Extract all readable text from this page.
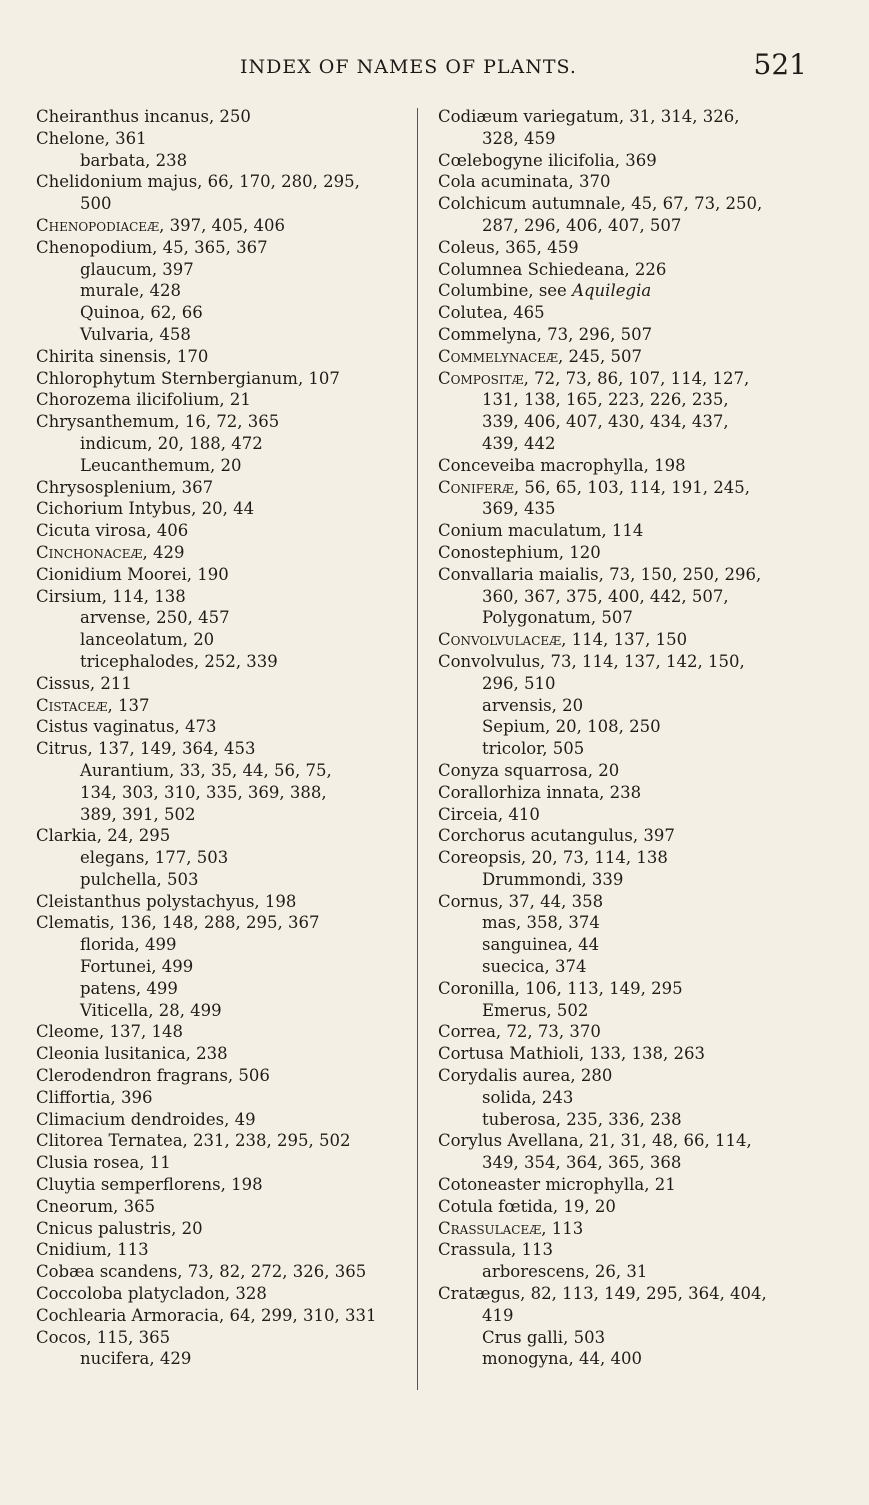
INDEX OF NAMES OF PLANTS.	521
Cheiranthus incanus, 250
Chelone, 361
barbata, 238
Chelidonium majus, 66, 170, 280, 295,
500
Chenopodiaceæ, 397, 405, 406
Chenopodium, 45, 365, 367
glaucum, 397
murale, 428
Quinoa, 62, 66
Vulvaria, 458
Chirita sinensis, 170
Chlorophytum Sternbergianum, 107
Chorozema ilicifolium, 21
Chrysanthemum, 16, 72, 365
indicum, 20, 188, 472
Leucanthemum, 20
Chrysosplenium, 367
Cichorium Intybus, 20, 44
Cicuta virosa, 406
Cinchonaceæ, 429
Cionidium Moorei, 190
Cirsium, 114, 138
arvense, 250, 457
lanceolatum, 20
tricephalodes, 252, 339
Cissus, 211
Cistaceæ, 137
Cistus vaginatus, 473
Citrus, 137, 149, 364, 453
Aurantium, 33, 35, 44, 56, 75,
134, 303, 310, 335, 369, 388,
389, 391, 502
Clarkia, 24, 295
elegans, 177, 503
pulchella, 503
Cleistanthus polystachyus, 198
Clematis, 136, 148, 288, 295, 367
florida, 499
Fortunei, 499
patens, 499
Viticella, 28, 499
Cleome, 137, 148
Cleonia lusitanica, 238
Clerodendron fragrans, 506
Cliffortia, 396
Climacium dendroides, 49
Clitorea Ternatea, 231, 238, 295, 502
Clusia rosea, 11
Cluytia semperflorens, 198
Cneorum, 365
Cnicus palustris, 20
Cnidium, 113
Cobæa scandens, 73, 82, 272, 326, 365
Coccoloba platycladon, 328
Cochlearia Armoracia, 64, 299, 310, 331
Cocos, 115, 365
nucifera, 429
Codiæum variegatum, 31, 314, 326,
328, 459
Cœlebogyne ilicifolia, 369
Cola acuminata, 370
Colchicum autumnale, 45, 67, 73, 250,
287, 296, 406, 407, 507
Coleus, 365, 459
Columnea Schiedeana, 226
Columbine, see Aquilegia
Colutea, 465
Commelyna, 73, 296, 507
Commelynaceæ, 245, 507
Compositæ, 72, 73, 86, 107, 114, 127,
131, 138, 165, 223, 226, 235,
339, 406, 407, 430, 434, 437,
439, 442
Conceveiba macrophylla, 198
Coniferæ, 56, 65, 103, 114, 191, 245,
369, 435
Conium maculatum, 114
Conostephium, 120
Convallaria maialis, 73, 150, 250, 296,
360, 367, 375, 400, 442, 507,
Polygonatum, 507
Convolvulaceæ, 114, 137, 150
Convolvulus, 73, 114, 137, 142, 150,
296, 510
arvensis, 20
Sepium, 20, 108, 250
tricolor, 505
Conyza squarrosa, 20
Corallorhiza innata, 238
Circeia, 410
Corchorus acutangulus, 397
Coreopsis, 20, 73, 114, 138
Drummondi, 339
Cornus, 37, 44, 358
mas, 358, 374
sanguinea, 44
suecica, 374
Coronilla, 106, 113, 149, 295
Emerus, 502
Correa, 72, 73, 370
Cortusa Mathioli, 133, 138, 263
Corydalis aurea, 280
solida, 243
tuberosa, 235, 336, 238
Corylus Avellana, 21, 31, 48, 66, 114,
349, 354, 364, 365, 368
Cotoneaster microphylla, 21
Cotula fœtida, 19, 20
Crassulaceæ, 113
Crassula, 113
arborescens, 26, 31
Cratægus, 82, 113, 149, 295, 364, 404,
419
Crus galli, 503
monogyna, 44, 400
